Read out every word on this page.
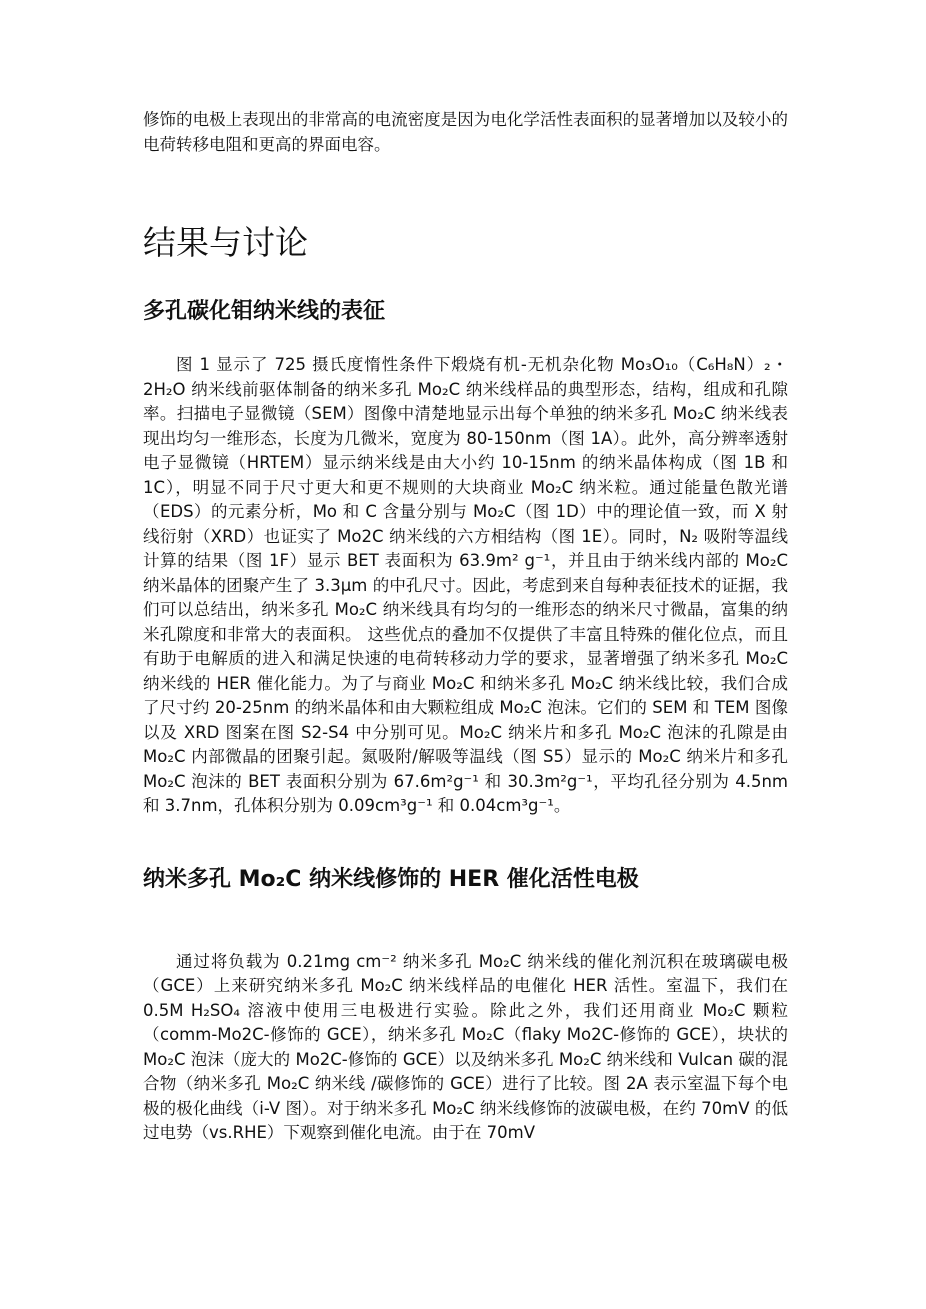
修饰的电极上表现出的非常高的电流密度是因为电化学活性表面积的显著增加以及较小的电荷转移电阻和更高的界面电容。

结果与讨论
多孔碳化钼纳米线的表征

图 1 显示了 725 摄氏度惰性条件下煅烧有机-无机杂化物 Mo₃O₁₀（C₆H₈N）₂・2H₂O 纳米线前驱体制备的纳米多孔 Mo₂C 纳米线样品的典型形态，结构，组成和孔隙率。扫描电子显微镜（SEM）图像中清楚地显示出每个单独的纳米多孔 Mo₂C 纳米线表现出均匀一维形态，长度为几微米，宽度为 80-150nm（图 1A）。此外，高分辨率透射电子显微镜（HRTEM）显示纳米线是由大小约 10-15nm 的纳米晶体构成（图 1B 和 1C），明显不同于尺寸更大和更不规则的大块商业 Mo₂C 纳米粒。通过能量色散光谱（EDS）的元素分析，Mo 和 C 含量分别与 Mo₂C（图 1D）中的理论值一致，而 X 射线衍射（XRD）也证实了 Mo2C 纳米线的六方相结构（图 1E）。同时，N₂ 吸附等温线计算的结果（图 1F）显示 BET 表面积为 63.9m² g⁻¹，并且由于纳米线内部的 Mo₂C 纳米晶体的团聚产生了 3.3μm 的中孔尺寸。因此，考虑到来自每种表征技术的证据，我们可以总结出，纳米多孔 Mo₂C 纳米线具有均匀的一维形态的纳米尺寸微晶，富集的纳米孔隙度和非常大的表面积。 这些优点的叠加不仅提供了丰富且特殊的催化位点，而且有助于电解质的进入和满足快速的电荷转移动力学的要求，显著增强了纳米多孔 Mo₂C 纳米线的 HER 催化能力。为了与商业 Mo₂C 和纳米多孔 Mo₂C 纳米线比较，我们合成了尺寸约 20-25nm 的纳米晶体和由大颗粒组成 Mo₂C 泡沫。它们的 SEM 和 TEM 图像以及 XRD 图案在图 S2-S4 中分别可见。Mo₂C 纳米片和多孔 Mo₂C 泡沫的孔隙是由 Mo₂C 内部微晶的团聚引起。氮吸附/解吸等温线（图 S5）显示的 Mo₂C 纳米片和多孔 Mo₂C 泡沫的 BET 表面积分别为 67.6m²g⁻¹ 和 30.3m²g⁻¹，平均孔径分别为 4.5nm 和 3.7nm，孔体积分别为 0.09cm³g⁻¹ 和 0.04cm³g⁻¹。

纳米多孔 Mo₂C 纳米线修饰的 HER 催化活性电极

通过将负载为 0.21mg cm⁻² 纳米多孔 Mo₂C 纳米线的催化剂沉积在玻璃碳电极（GCE）上来研究纳米多孔 Mo₂C 纳米线样品的电催化 HER 活性。室温下，我们在 0.5M H₂SO₄ 溶液中使用三电极进行实验。除此之外，我们还用商业 Mo₂C 颗粒（comm-Mo2C-修饰的 GCE），纳米多孔 Mo₂C（flaky Mo2C-修饰的 GCE），块状的 Mo₂C 泡沫（庞大的 Mo2C-修饰的 GCE）以及纳米多孔 Mo₂C 纳米线和 Vulcan 碳的混合物（纳米多孔 Mo₂C 纳米线 /碳修饰的 GCE）进行了比较。图 2A 表示室温下每个电极的极化曲线（i-V 图）。对于纳米多孔 Mo₂C 纳米线修饰的波碳电极，在约 70mV 的低过电势（vs.RHE）下观察到催化电流。由于在 70mV
